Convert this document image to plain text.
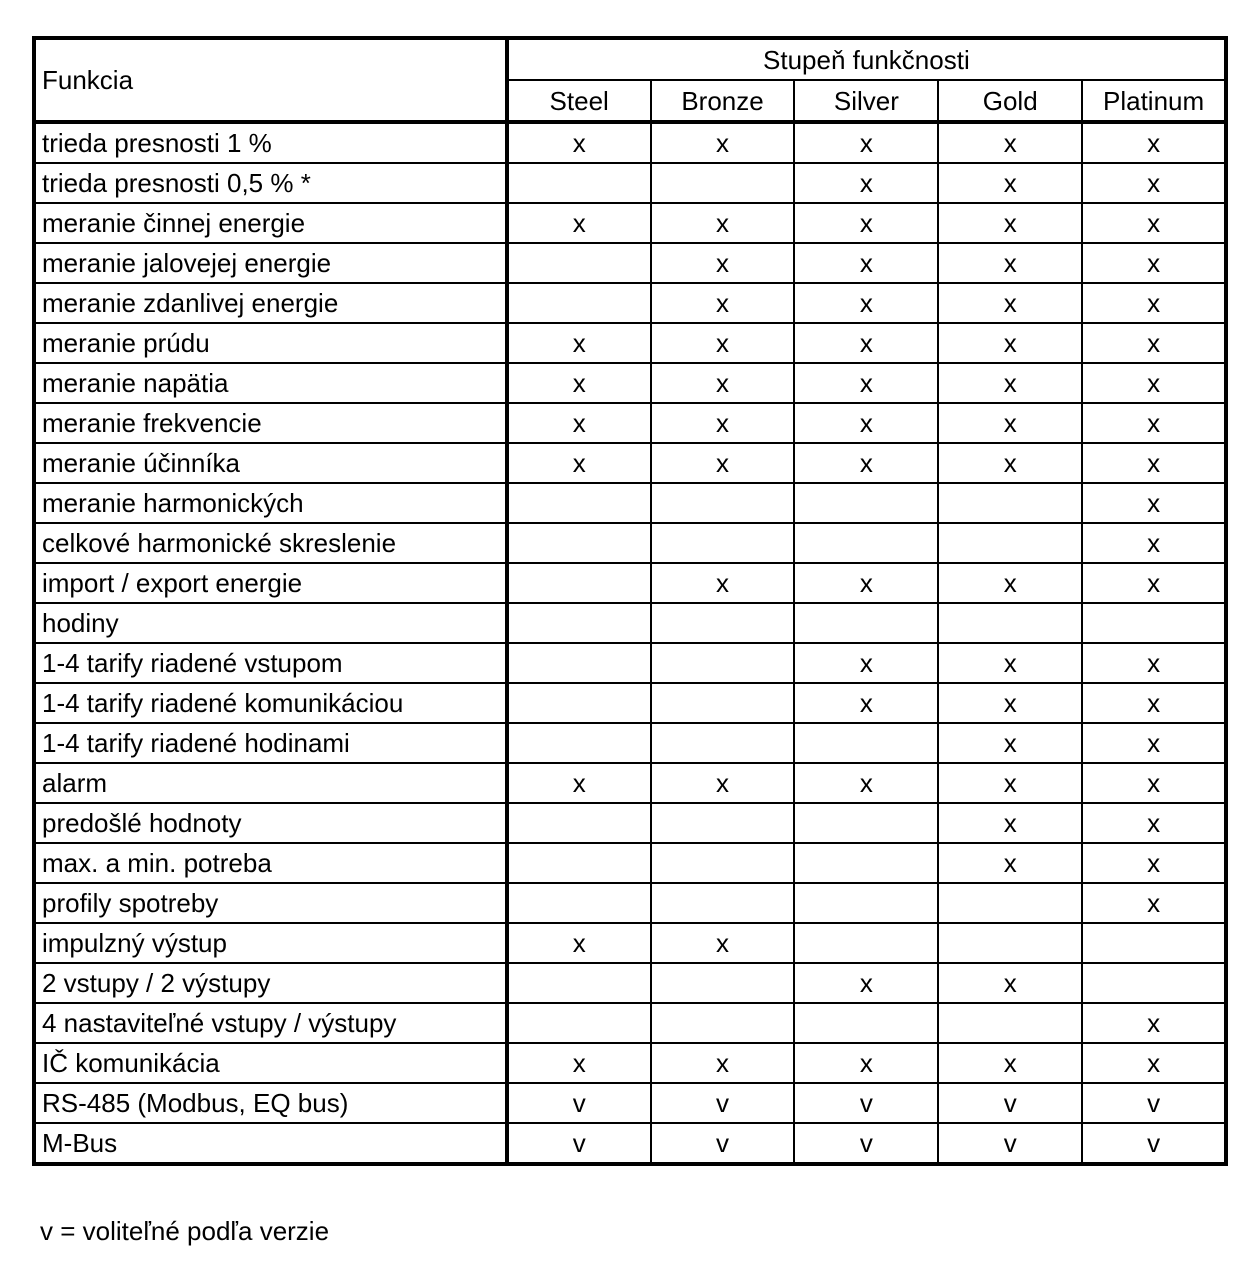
Funkcia	Stupeň funkčnosti				
	Steel	Bronze	Silver	Gold	Platinum
trieda presnosti 1 %	x	x	x	x	x
trieda presnosti 0,5 % *			x	x	x
meranie činnej energie	x	x	x	x	x
meranie jalovejej energie		x	x	x	x
meranie zdanlivej energie		x	x	x	x
meranie prúdu	x	x	x	x	x
meranie napätia	x	x	x	x	x
meranie frekvencie	x	x	x	x	x
meranie účinníka	x	x	x	x	x
meranie harmonických					x
celkové harmonické skreslenie					x
import / export energie		x	x	x	x
hodiny					
1-4 tarify riadené vstupom			x	x	x
1-4 tarify riadené komunikáciou			x	x	x
1-4 tarify riadené hodinami				x	x
alarm	x	x	x	x	x
predošlé hodnoty				x	x
max. a min. potreba				x	x
profily spotreby					x
impulzný výstup	x	x			
2 vstupy / 2 výstupy			x	x	
4 nastaviteľné vstupy / výstupy					x
IČ komunikácia	x	x	x	x	x
RS-485 (Modbus, EQ bus)	v	v	v	v	v
M-Bus	v	v	v	v	v
v = voliteľné podľa verzie
